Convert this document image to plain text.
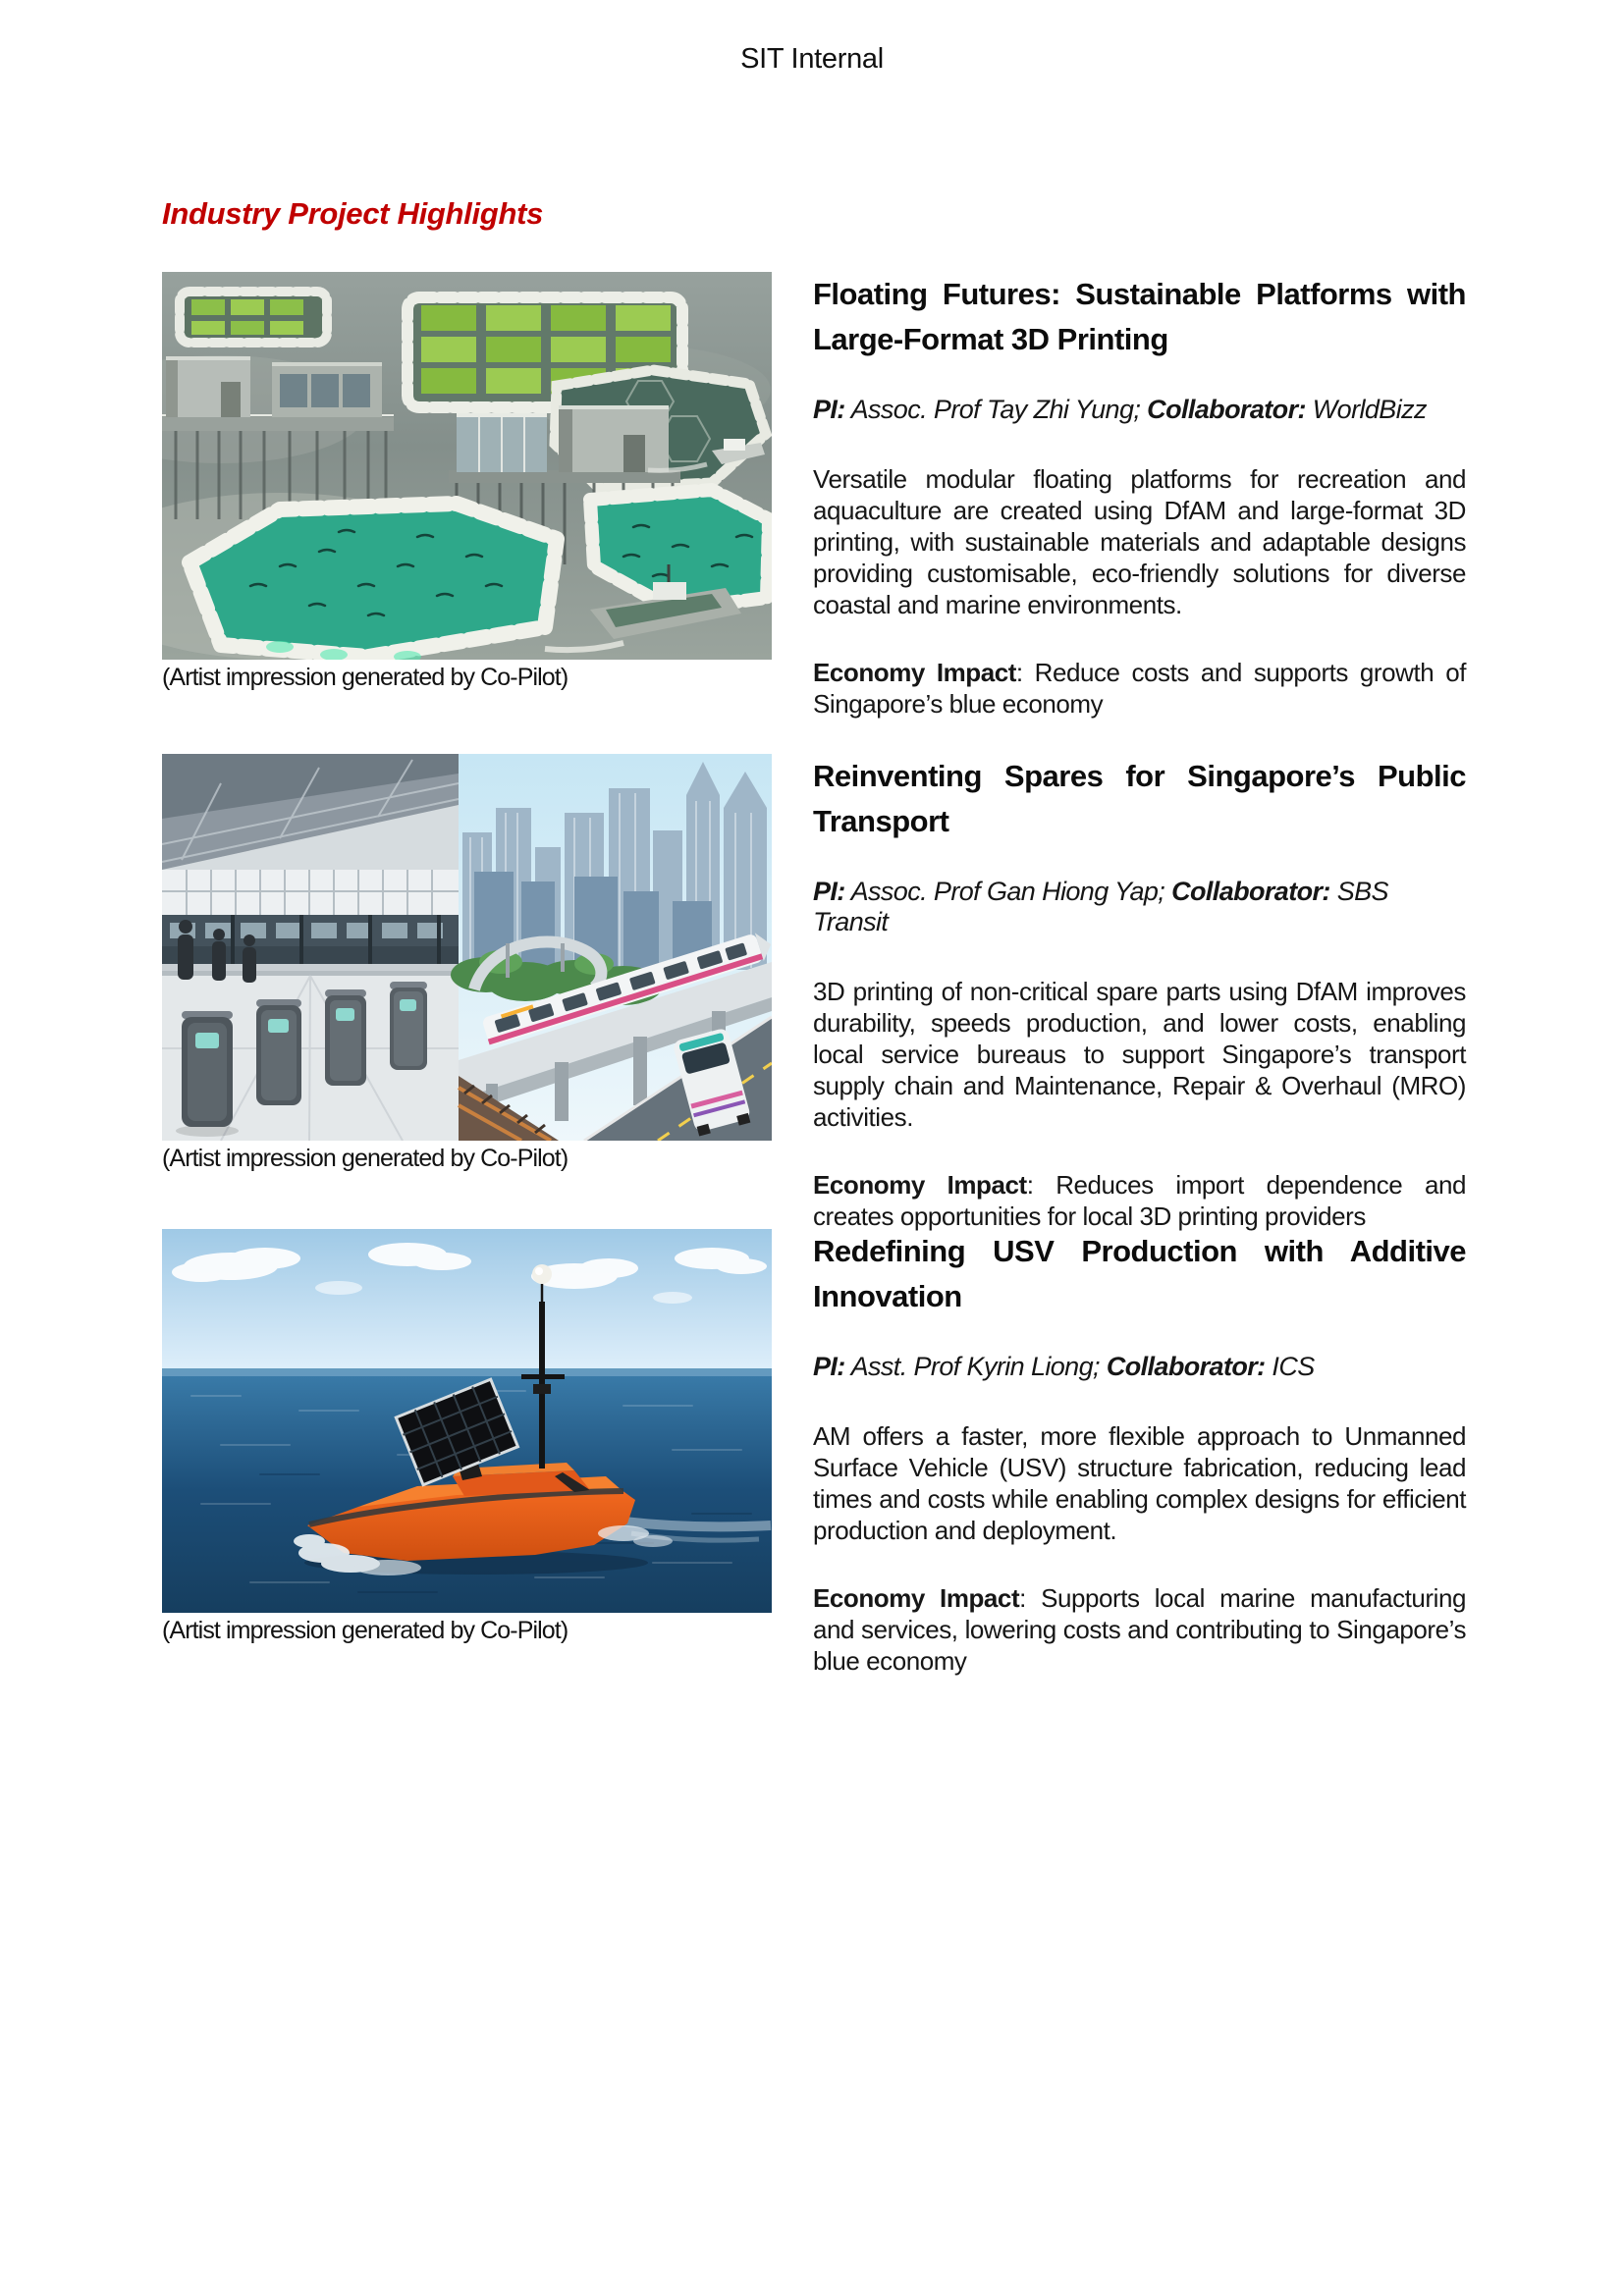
SIT Internal
Industry Project Highlights
(Artist impression generated by Co-Pilot)
Floating Futures: Sustainable Platforms with Large-Format 3D Printing

PI: Assoc. Prof Tay Zhi Yung; Collaborator: WorldBizz

Versatile modular floating platforms for recreation and aquaculture are created using DfAM and large-format 3D printing, with sustainable materials and adaptable designs providing customisable, eco-friendly solutions for diverse coastal and marine environments.

Economy Impact: Reduce costs and supports growth of Singapore’s blue economy

(Artist impression generated by Co-Pilot)
Reinventing Spares for Singapore’s Public Transport

PI: Assoc. Prof Gan Hiong Yap; Collaborator: SBS Transit

3D printing of non-critical spare parts using DfAM improves durability, speeds production, and lower costs, enabling local service bureaus to support Singapore’s transport supply chain and Maintenance, Repair & Overhaul (MRO) activities.

Economy Impact: Reduces import dependence and creates opportunities for local 3D printing providers

(Artist impression generated by Co-Pilot)
Redefining USV Production with Additive Innovation

PI: Asst. Prof Kyrin Liong; Collaborator: ICS

AM offers a faster, more flexible approach to Unmanned Surface Vehicle (USV) structure fabrication, reducing lead times and costs while enabling complex designs for efficient production and deployment.

Economy Impact: Supports local marine manufacturing and services, lowering costs and contributing to Singapore’s blue economy
